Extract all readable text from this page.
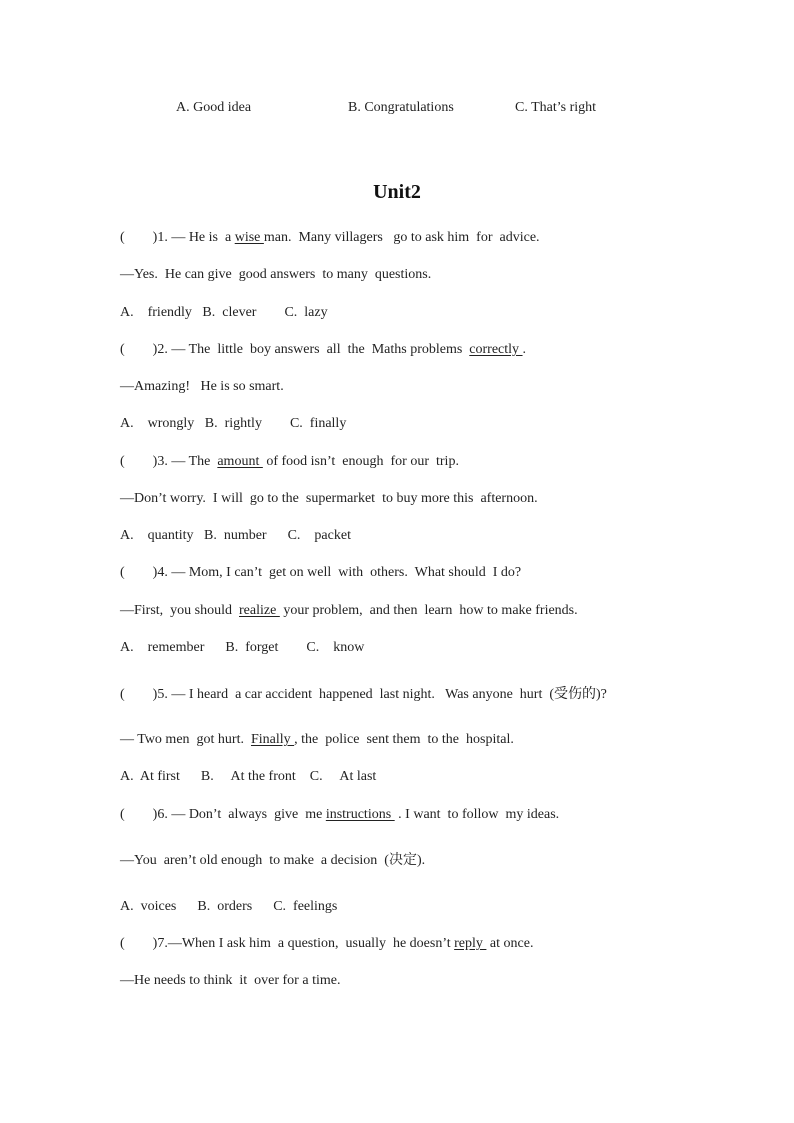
A. Good idea	B. Congratulations	C. That’s right
Unit2
(        )1. — He is  a wise man.  Many villagers   go to ask him  for  advice.
—Yes.  He can give  good answers  to many  questions.
A.    friendly   B.  clever        C.  lazy
(        )2. — The  little  boy answers  all  the  Maths problems  correctly .
—Amazing!   He is so smart.
A.    wrongly   B.  rightly        C.  finally
(        )3. — The  amount  of food isn’t  enough  for our  trip.
—Don’t worry.  I will  go to the  supermarket  to buy more this  afternoon.
A.    quantity   B.  number      C.    packet
(        )4. — Mom, I can’t  get on well  with  others.  What should  I do?
—First,  you should  realize  your problem,  and then  learn  how to make friends.
A.    remember      B.  forget        C.    know
(        )5. — I heard  a car accident  happened  last night.   Was anyone  hurt  (受伤的)?
— Two men  got hurt.  Finally , the  police  sent them  to the  hospital.
A.  At first      B.     At the front    C.     At last
(        )6. — Don’t  always  give  me instructions  . I want  to follow  my ideas.
—You  aren’t old enough  to make  a decision  (决定).
A.  voices      B.  orders      C.  feelings
(        )7.—When I ask him  a question,  usually  he doesn’t reply  at once.
—He needs to think  it  over for a time.
